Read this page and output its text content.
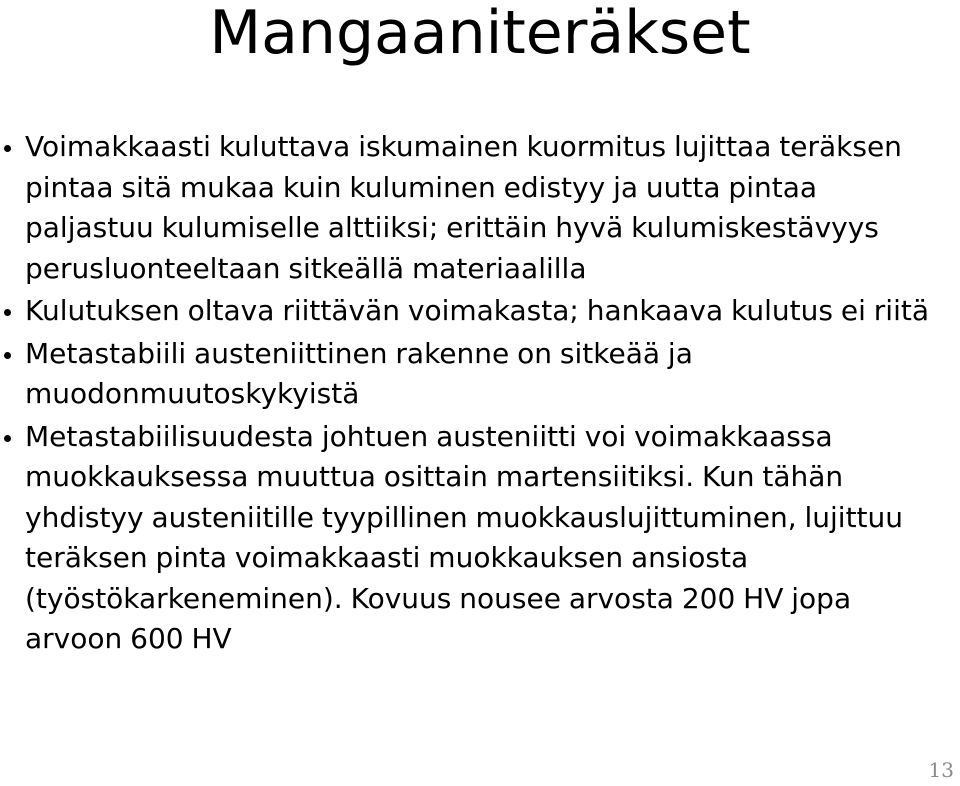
Mangaaniteräkset
Voimakkaasti kuluttava iskumainen kuormitus lujittaa teräksen pintaa sitä mukaa kuin kuluminen edistyy ja uutta pintaa paljastuu kulumiselle alttiiksi; erittäin hyvä kulumiskestävyys perusluonteeltaan sitkeällä materiaalilla
Kulutuksen oltava riittävän voimakasta; hankaava kulutus ei riitä
Metastabiili austeniittinen rakenne on sitkeää ja muodonmuutoskykyistä
Metastabiilisuudesta johtuen austeniitti voi voimakkaassa muokkauksessa muuttua osittain martensiitiksi. Kun tähän yhdistyy austeniitille tyypillinen muokkauslujittuminen, lujittuu teräksen pinta voimakkaasti muokkauksen ansiosta (työstökarkeneminen). Kovuus nousee arvosta 200 HV jopa arvoon 600 HV
13
